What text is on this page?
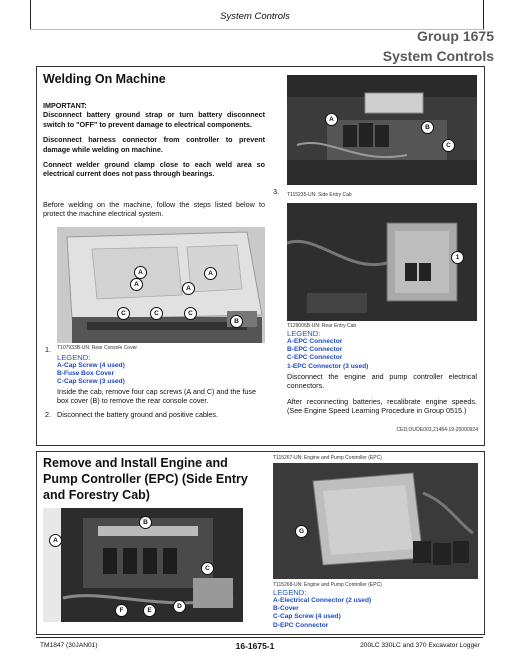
System Controls
Group 1675
System Controls
Welding On Machine
IMPORTANT:
Disconnect battery ground strap or turn battery disconnect switch to "OFF" to prevent damage to electrical components.
Disconnect harness connector from controller to prevent damage while welding on machine.
Connect welder ground clamp close to each weld area so electrical current does not pass through bearings.
Before welding on the machine, follow the steps listed below to protect the machine electrical system.
A
A
A
A
C	C	C
B
T107933B-UN: Rear Console Cover
1.
LEGEND:
A-Cap Screw (4 used)
B-Fuse Box Cover
C-Cap Screw (3 used)
Inside the cab, remove four cap screws (A and C) and the fuse box cover (B) to remove the rear console cover.
2. Disconnect the battery ground and positive cables.
A
B
C
3. T115235-UN: Side Entry Cab
1
T129006B-UN: Rear Entry Cab
LEGEND:
A-EPC Connector
B-EPC Connector
C-EPC Connector
1-EPC Connector (3 used)
Disconnect the engine and pump controller electrical connectors.
After reconnecting batteries, recalibrate engine speeds. (See Engine Speed Learning Procedure in Group 0515.)
CED,OUOE003,21484-19-20000924
Remove and Install Engine and Pump Controller (EPC) (Side Entry and Forestry Cab)
B
A
C
F	E
D
T115267-UN: Engine and Pump Controller (EPC)
G
T115268-UN: Engine and Pump Controller (EPC)
LEGEND:
A-Electrical Connector (2 used)
B-Cover
C-Cap Screw (4 used)
D-EPC Connector
TM1847 (30JAN01)	16-1675-1	200LC 330LC and 370 Excavator Logger
